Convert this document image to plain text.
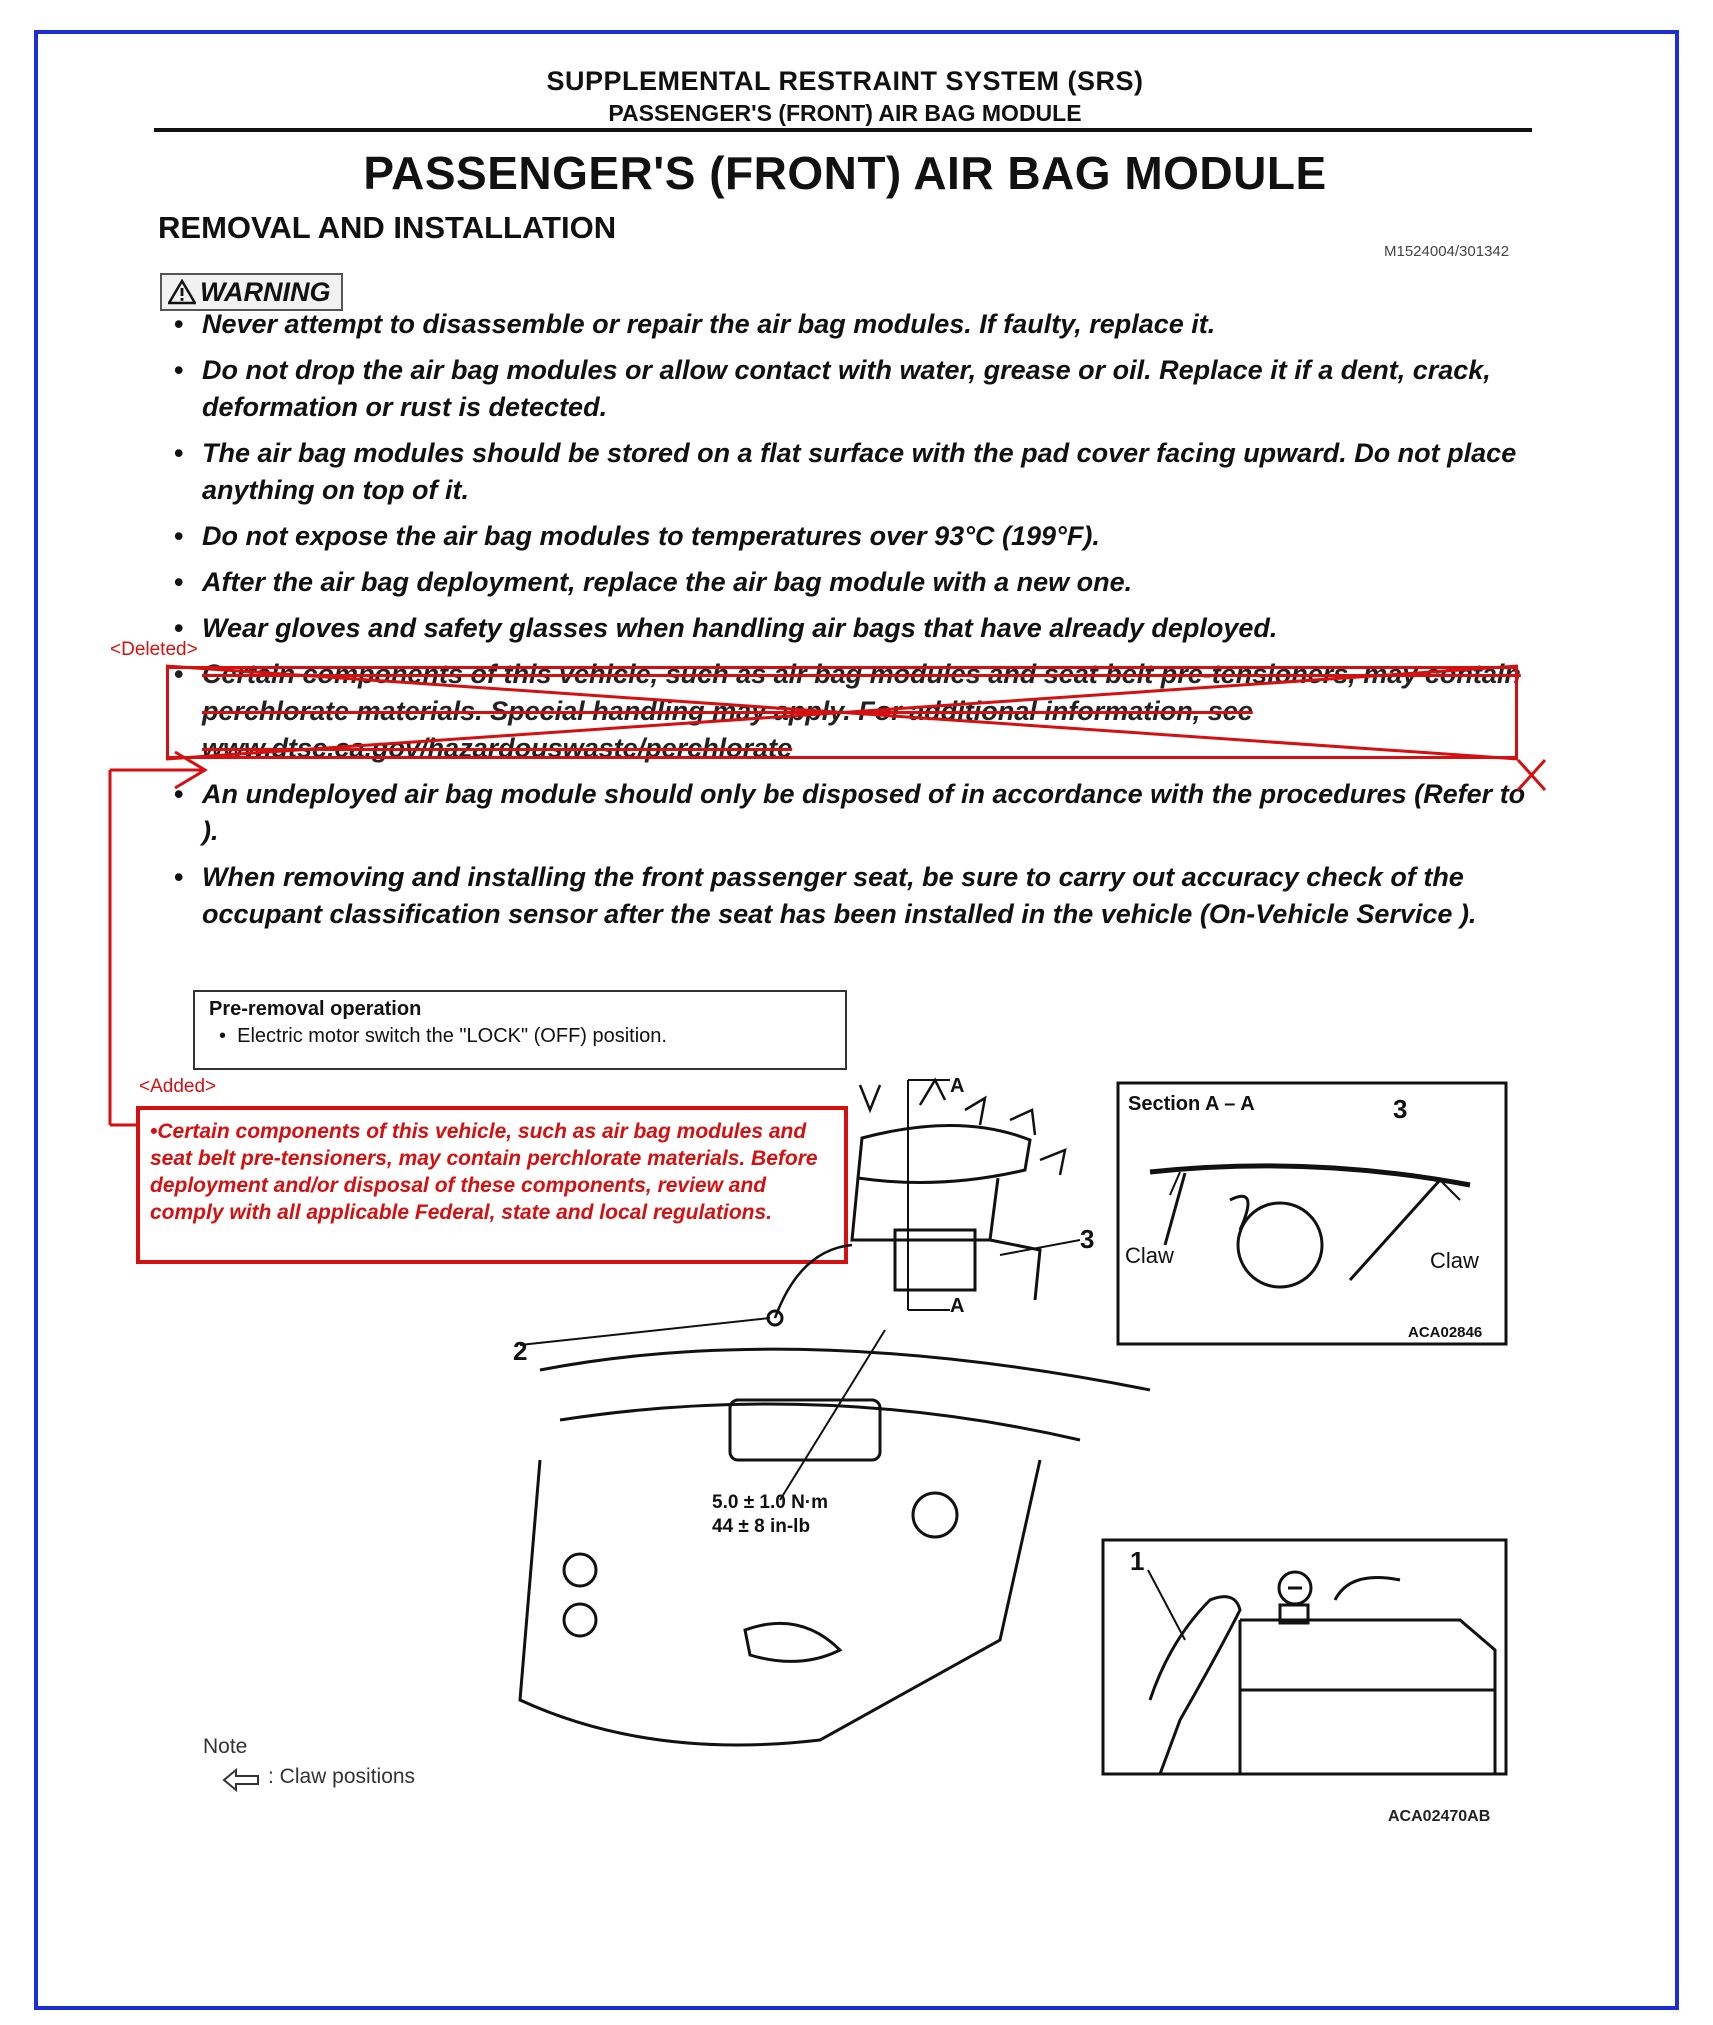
SUPPLEMENTAL RESTRAINT SYSTEM (SRS)
PASSENGER'S (FRONT) AIR BAG MODULE
PASSENGER'S (FRONT) AIR BAG MODULE
REMOVAL AND INSTALLATION
M1524004/301342
WARNING
• Never attempt to disassemble or repair the air bag modules. If faulty, replace it.
• Do not drop the air bag modules or allow contact with water, grease or oil. Replace it if a dent, crack, deformation or rust is detected.
• The air bag modules should be stored on a flat surface with the pad cover facing upward. Do not place anything on top of it.
• Do not expose the air bag modules to temperatures over 93°C (199°F).
• After the air bag deployment, replace the air bag module with a new one.
• Wear gloves and safety glasses when handling air bags that have already deployed.
• Certain components of this vehicle, such as air bag modules and seat belt pre-tensioners, may contain perchlorate materials. Special handling may apply. For additional information, see www.dtsc.ca.gov/hazardouswaste/perchlorate
• An undeployed air bag module should only be disposed of in accordance with the procedures (Refer to ).
• When removing and installing the front passenger seat, be sure to carry out accuracy check of the occupant classification sensor after the seat has been installed in the vehicle (On-Vehicle Service ).
<Deleted>
Pre-removal operation
•  Electric motor switch the "LOCK" (OFF) position.
<Added>
•Certain components of this vehicle, such as air bag modules and seat belt pre-tensioners, may contain perchlorate materials. Before deployment and/or disposal of these components, review and comply with all applicable Federal, state and local regulations.
Section A – A	3
Claw	Claw
ACA02846
A
A
3
2
5.0 ± 1.0 N·m
44 ± 8 in-lb
1
Note
: Claw positions
ACA02470AB
